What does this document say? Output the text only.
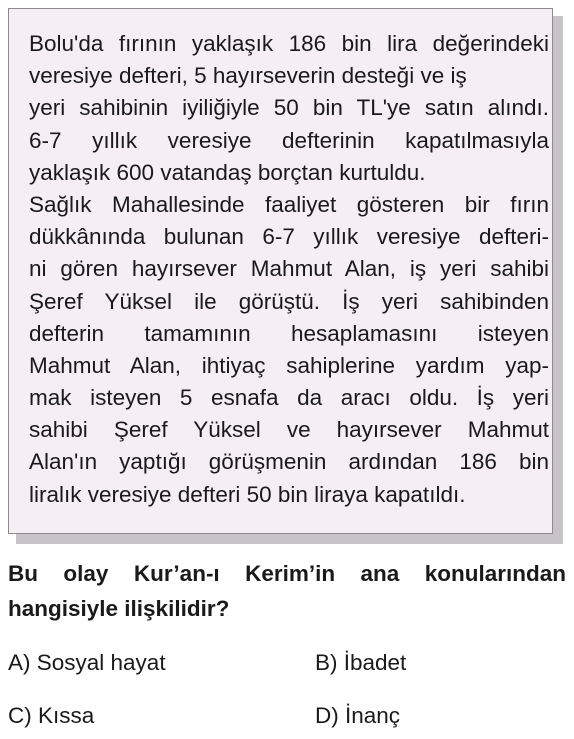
Bolu'da fırının yaklaşık 186 bin lira değerindeki
veresiye defteri, 5 hayırseverin desteği ve iş
yeri sahibinin iyiliğiyle 50 bin TL'ye satın alındı.
6-7 yıllık veresiye defterinin kapatılmasıyla
yaklaşık 600 vatandaş borçtan kurtuldu.
Sağlık Mahallesinde faaliyet gösteren bir fırın
dükkânında bulunan 6-7 yıllık veresiye defteri-
ni gören hayırsever Mahmut Alan, iş yeri sahibi
Şeref Yüksel ile görüştü. İş yeri sahibinden
defterin tamamının hesaplamasını isteyen
Mahmut Alan, ihtiyaç sahiplerine yardım yap-
mak isteyen 5 esnafa da aracı oldu. İş yeri
sahibi Şeref Yüksel ve hayırsever Mahmut
Alan'ın yaptığı görüşmenin ardından 186 bin
liralık veresiye defteri 50 bin liraya kapatıldı.
Bu olay Kur’an-ı Kerim’in ana konularından
hangisiyle ilişkilidir?
A) Sosyal hayat	B) İbadet
C) Kıssa	D) İnanç
